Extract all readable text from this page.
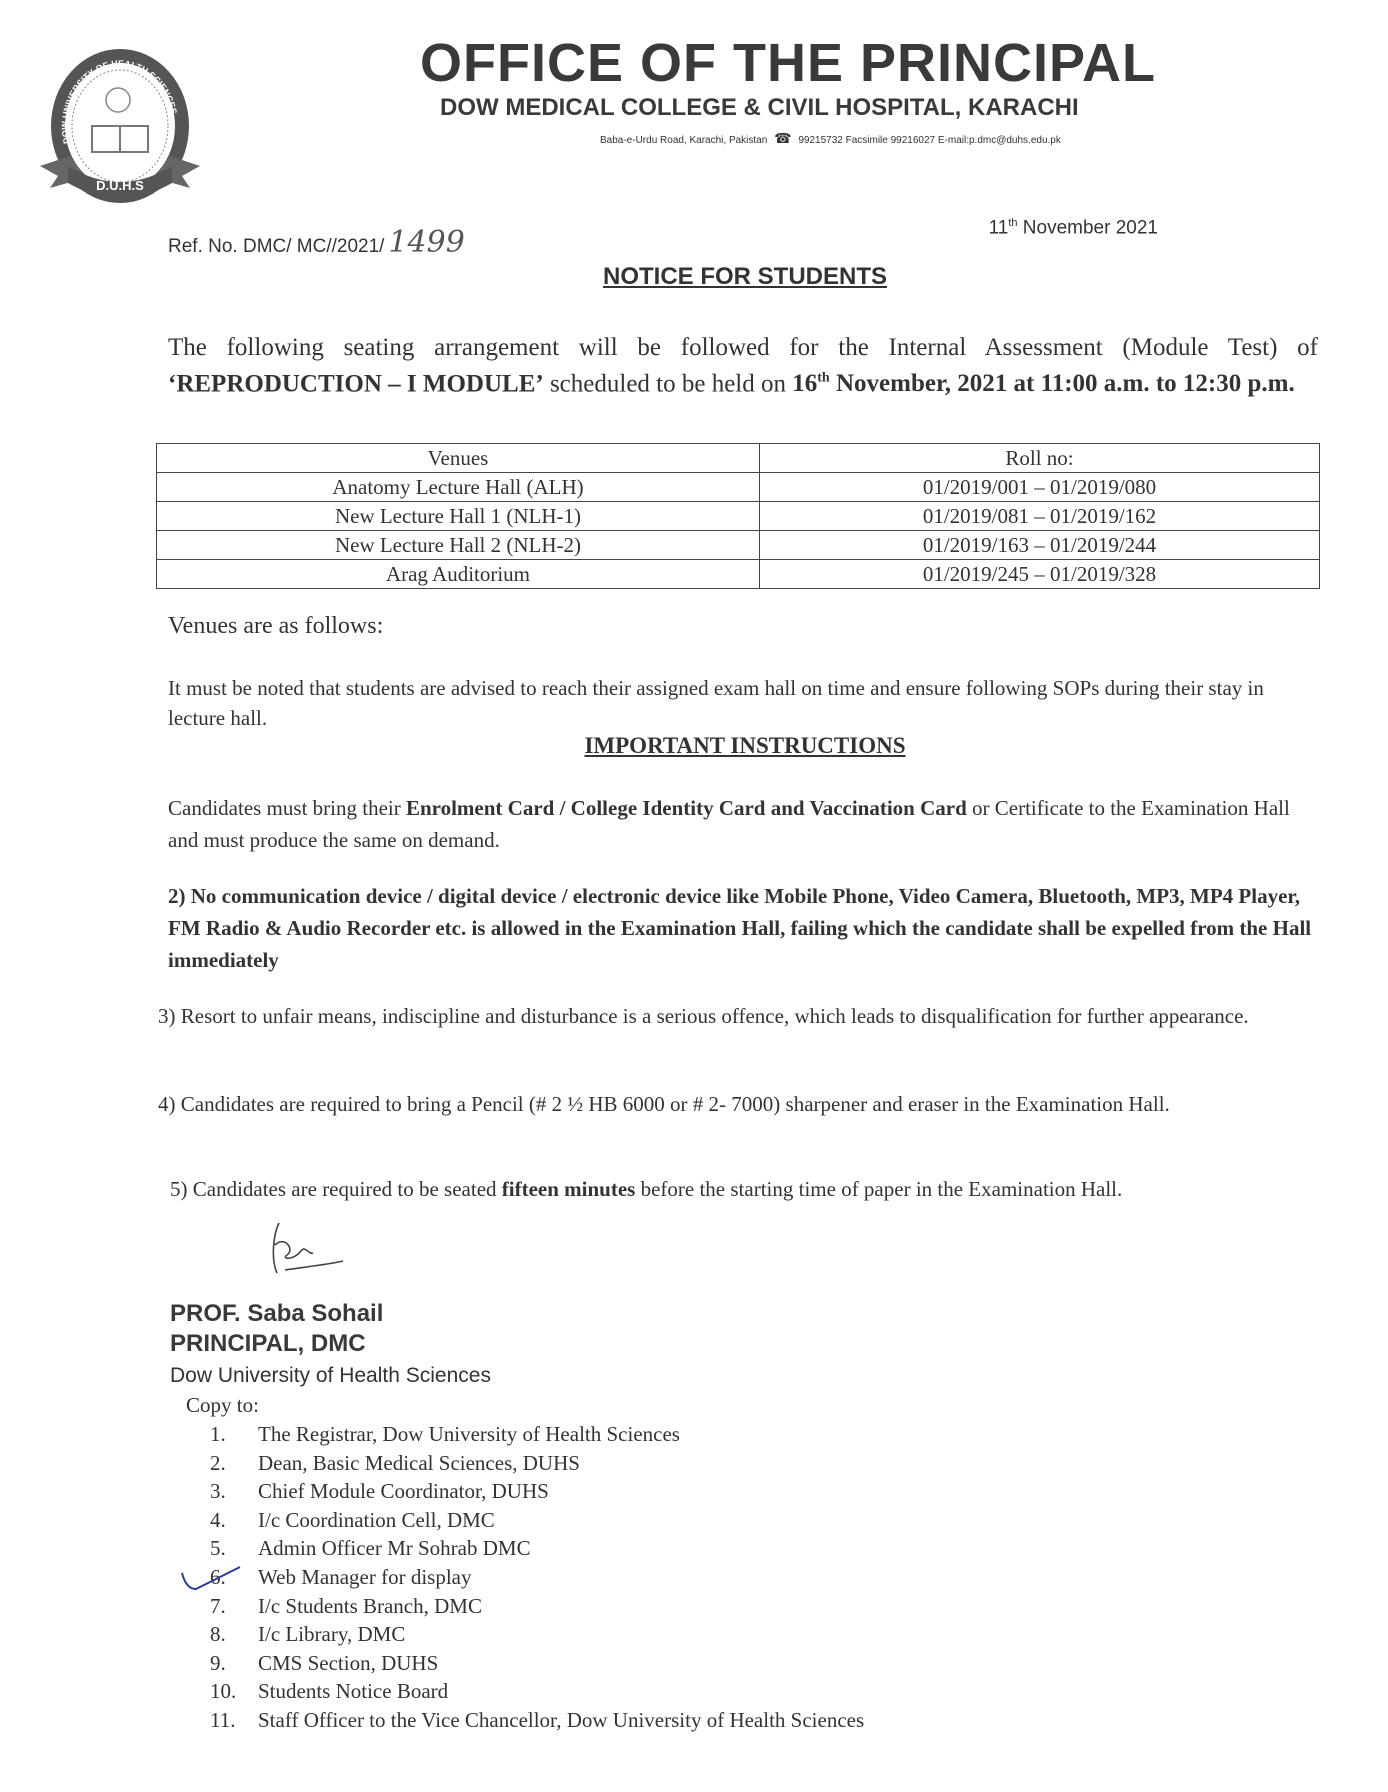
DOW UNIVERSITY OF HEALTH SCIENCES
D.U.H.S
OFFICE OF THE PRINCIPAL
DOW MEDICAL COLLEGE & CIVIL HOSPITAL, KARACHI
Baba-e-Urdu Road, Karachi, Pakistan ☎ 99215732 Facsimile 99216027 E-mail:p.dmc@duhs.edu.pk
Ref. No. DMC/ MC//2021/ 1499	11th November 2021
NOTICE FOR STUDENTS
The following seating arrangement will be followed for the Internal Assessment (Module Test) of ‘REPRODUCTION – I MODULE’ scheduled to be held on 16th November, 2021 at 11:00 a.m. to 12:30 p.m.
Venues	Roll no:
Anatomy Lecture Hall (ALH)	01/2019/001 – 01/2019/080
New Lecture Hall 1 (NLH-1)	01/2019/081 – 01/2019/162
New Lecture Hall 2 (NLH-2)	01/2019/163 – 01/2019/244
Arag Auditorium	01/2019/245 – 01/2019/328
Venues are as follows:
It must be noted that students are advised to reach their assigned exam hall on time and ensure following SOPs during their stay in lecture hall.
IMPORTANT INSTRUCTIONS
Candidates must bring their Enrolment Card / College Identity Card and Vaccination Card or Certificate to the Examination Hall and must produce the same on demand.
2) No communication device / digital device / electronic device like Mobile Phone, Video Camera, Bluetooth, MP3, MP4 Player, FM Radio & Audio Recorder etc. is allowed in the Examination Hall, failing which the candidate shall be expelled from the Hall immediately
3) Resort to unfair means, indiscipline and disturbance is a serious offence, which leads to disqualification for further appearance.
4) Candidates are required to bring a Pencil (# 2 ½ HB 6000 or # 2- 7000) sharpener and eraser in the Examination Hall.
5) Candidates are required to be seated fifteen minutes before the starting time of paper in the Examination Hall.
PROF. Saba Sohail
PRINCIPAL, DMC
Dow University of Health Sciences
Copy to:
1. The Registrar, Dow University of Health Sciences
2. Dean, Basic Medical Sciences, DUHS
3. Chief Module Coordinator, DUHS
4. I/c Coordination Cell, DMC
5. Admin Officer Mr Sohrab DMC
6. Web Manager for display
7. I/c Students Branch, DMC
8. I/c Library, DMC
9. CMS Section, DUHS
10. Students Notice Board
11. Staff Officer to the Vice Chancellor, Dow University of Health Sciences
